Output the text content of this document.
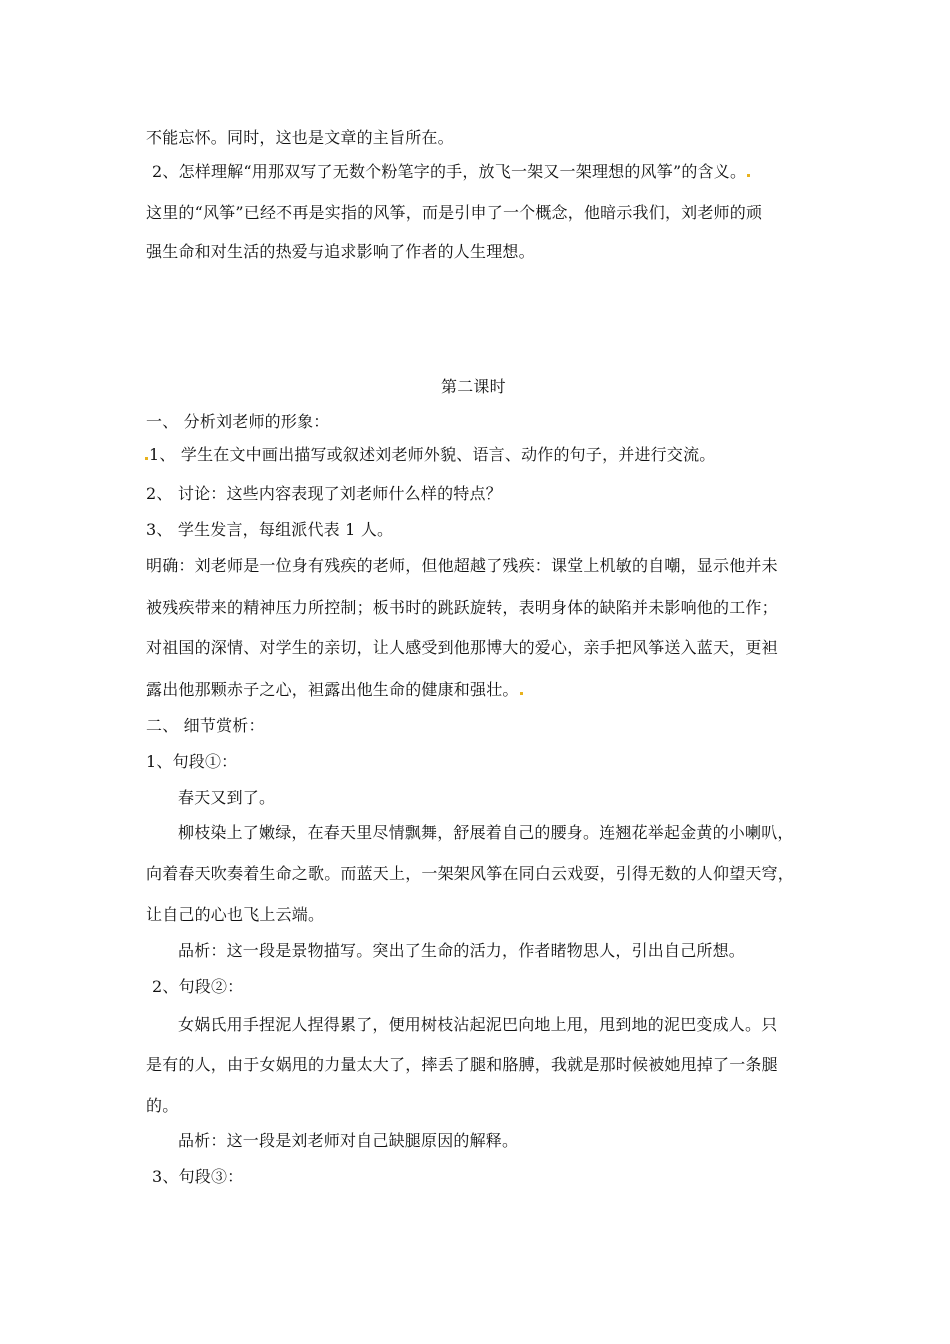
不能忘怀。同时，这也是文章的主旨所在。
2、怎样理解“用那双写了无数个粉笔字的手，放飞一架又一架理想的风筝”的含义。
这里的“风筝”已经不再是实指的风筝，而是引申了一个概念，他暗示我们，刘老师的顽
强生命和对生活的热爱与追求影响了作者的人生理想。
第二课时
一、 分析刘老师的形象：
1、 学生在文中画出描写或叙述刘老师外貌、语言、动作的句子，并进行交流。
2、 讨论：这些内容表现了刘老师什么样的特点？
3、 学生发言，每组派代表 1 人。
明确：刘老师是一位身有残疾的老师，但他超越了残疾：课堂上机敏的自嘲，显示他并未
被残疾带来的精神压力所控制；板书时的跳跃旋转，表明身体的缺陷并未影响他的工作；
对祖国的深情、对学生的亲切，让人感受到他那博大的爱心，亲手把风筝送入蓝天，更袒
露出他那颗赤子之心，袒露出他生命的健康和强壮。
二、 细节赏析：
1、句段①：
春天又到了。
柳枝染上了嫩绿，在春天里尽情飘舞，舒展着自己的腰身。连翘花举起金黄的小喇叭，
向着春天吹奏着生命之歌。而蓝天上，一架架风筝在同白云戏耍，引得无数的人仰望天穹，
让自己的心也飞上云端。
品析：这一段是景物描写。突出了生命的活力，作者睹物思人，引出自己所想。
2、句段②：
女娲氏用手捏泥人捏得累了，便用树枝沾起泥巴向地上甩，甩到地的泥巴变成人。只
是有的人，由于女娲甩的力量太大了，摔丢了腿和胳膊，我就是那时候被她甩掉了一条腿
的。
品析：这一段是刘老师对自己缺腿原因的解释。
3、句段③：
